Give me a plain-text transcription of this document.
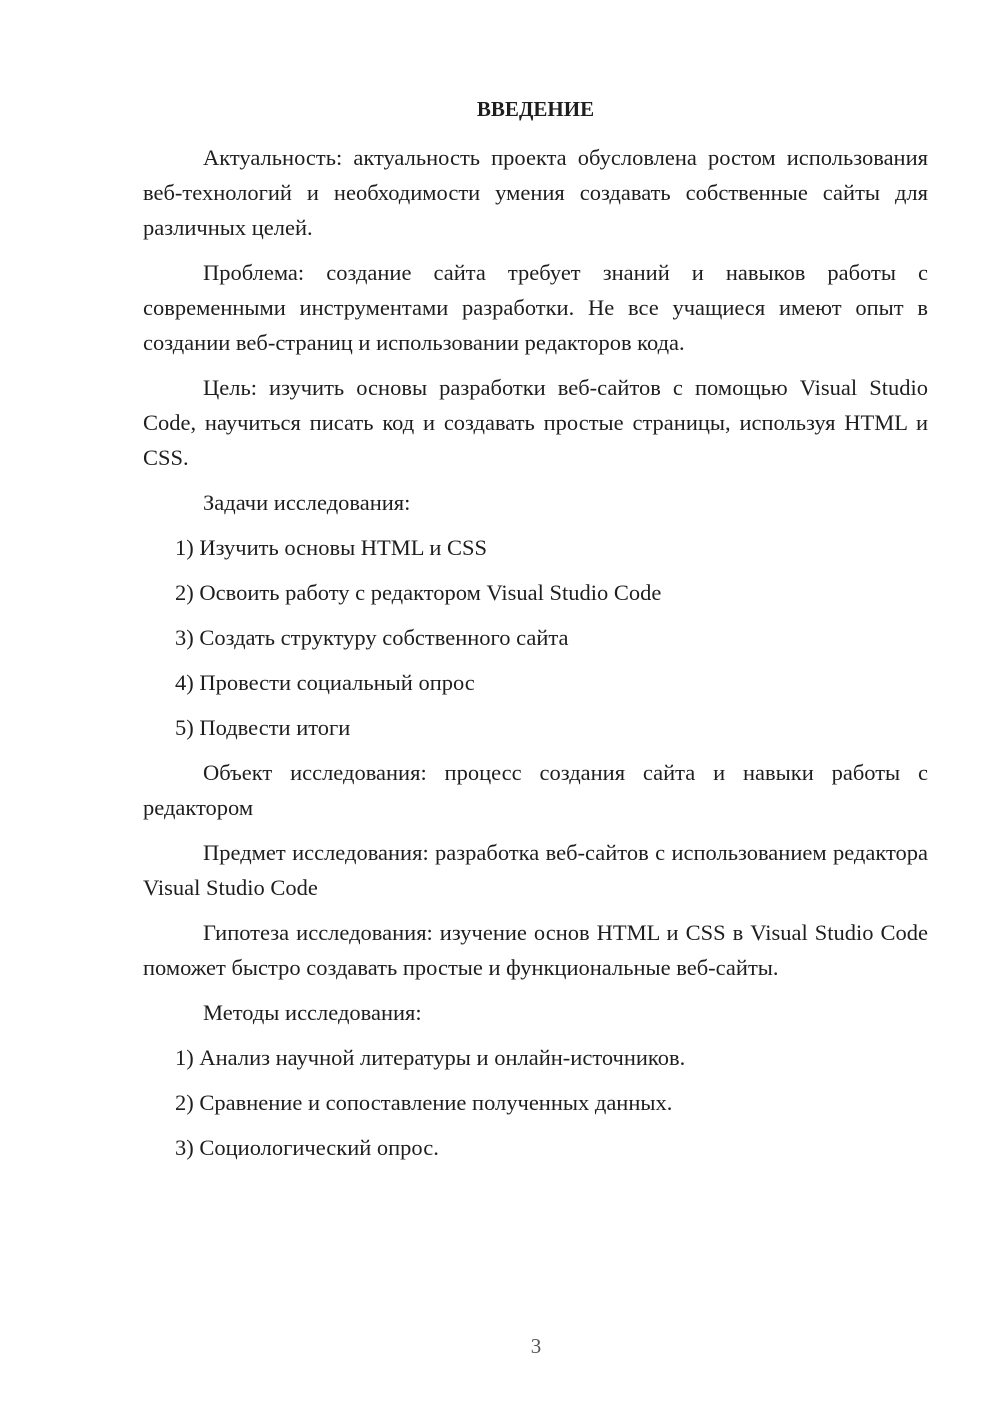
ВВЕДЕНИЕ

Актуальность: актуальность проекта обусловлена ростом использования веб-технологий и необходимости умения создавать собственные сайты для различных целей.

Проблема: создание сайта требует знаний и навыков работы с современными инструментами разработки. Не все учащиеся имеют опыт в создании веб-страниц и использовании редакторов кода.

Цель: изучить основы разработки веб-сайтов с помощью Visual Studio Code, научиться писать код и создавать простые страницы, используя HTML и CSS.

Задачи исследования:

1) Изучить основы HTML и CSS
2) Освоить работу с редактором Visual Studio Code
3) Создать структуру собственного сайта
4) Провести социальный опрос
5) Подвести итоги

Объект исследования: процесс создания сайта и навыки работы с редактором

Предмет исследования: разработка веб-сайтов с использованием редактора Visual Studio Code

Гипотеза исследования: изучение основ HTML и CSS в Visual Studio Code поможет быстро создавать простые и функциональные веб-сайты.

Методы исследования:

1) Анализ научной литературы и онлайн-источников.
2) Сравнение и сопоставление полученных данных.
3) Социологический опрос.
3
